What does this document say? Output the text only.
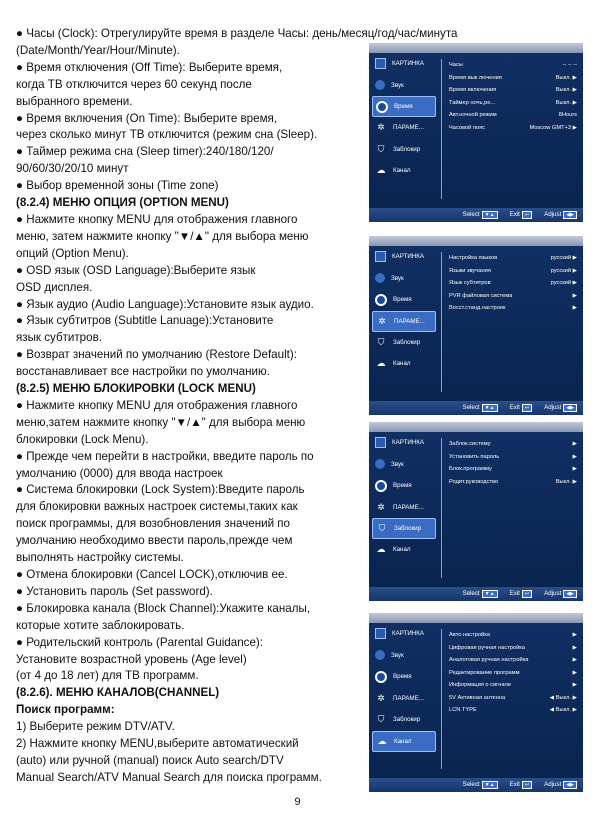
● Часы (Clock): Отрегулируйте время в разделе Часы: день/месяц/год/час/минута
(Date/Month/Year/Hour/Minute).
● Время отключения (Off Time): Выберите время,
когда ТВ отключится через 60 секунд после
выбранного времени.
● Время включения (On Time): Выберите время,
через сколько минут ТВ отключится (режим сна (Sleep).
● Таймер режима сна (Sleep timer):240/180/120/
90/60/30/20/10 минут
● Выбор временной зоны (Time zone)
(8.2.4) МЕНЮ ОПЦИЯ (OPTION MENU)
● Нажмите кнопку MENU для отображения главного
меню, затем нажмите кнопку "▼/▲" для выбора меню
опций (Option Menu).
● OSD язык (OSD Language):Выберите язык
OSD дисплея.
● Язык аудио (Audio Language):Установите язык аудио.
● Язык субтитров (Subtitle Lanuage):Установите
язык субтитров.
● Возврат значений по умолчанию (Restore Default):
восстанавливает все настройки по умолчанию.
(8.2.5) МЕНЮ БЛОКИРОВКИ (LOCK MENU)
● Нажмите кнопку MENU для отображения главного
меню,затем нажмите кнопку "▼/▲" для выбора меню
блокировки (Lock Menu).
● Прежде чем перейти в настройки, введите пароль по
умолчанию (0000) для ввода настроек
● Система блокировки (Lock System):Введите пароль
для блокировки важных настроек системы,таких как
поиск программы, для возобновления значений по
умолчанию необходимо ввести пароль,прежде чем
выполнять настройку системы.
● Отмена блокировки (Cancel LOCK),отключив ее.
● Установить пароль (Set password).
● Блокировка канала (Block Channel):Укажите каналы,
которые хотите заблокировать.
● Родительский контроль (Parental Guidance):
Установите возрастной уровень (Age level)
(от 4 до 18 лет) для ТВ программ.
(8.2.6). МЕНЮ КАНАЛОВ(CHANNEL)
Поиск программ:
1) Выберите режим DTV/ATV.
2) Нажмите кнопку MENU,выберите автоматический
(auto) или ручной (manual) поиск Auto search/DTV
Manual Search/ATV Manual Search для поиска программ.
9
КАРТИНКА
Звук
Время
✲	ПАРАМЕ...
⛉	Заблокир
☁ Канал
Часы	-- -- --
Время вык лючения	Выкл. ▶
Время включения	Выкл. ▶
Таймер ночь,ре...	Выкл. ▶
Авт.ночной режим	8Hours
Часовой пояс	Moscow GMT+3 ▶
Select ▼▲	Exit ↩	Adjust ◀▶
КАРТИНКА
Звук
Время
✲	ПАРАМЕ...
⛉	Заблокир
☁ Канал
Настройка языков	русский ▶
Языки звучания	русский ▶
Язык субтитров	русский ▶
PVR файловая система	▶
Восст.станд.настроек	▶
Select ▼▲	Exit ↩	Adjust ◀▶
КАРТИНКА
Звук
Время
✲	ПАРАМЕ...
⛉	Заблокир
☁ Канал
Заблок.систему	▶
Установить пароль	▶
Блок.программу	▶
Родит.руководство	Выкл. ▶
Select ▼▲	Exit ↩	Adjust ◀▶
КАРТИНКА
Звук
Время
✲	ПАРАМЕ...
⛉	Заблокир
☁ Канал
Авто настройка	▶
Цифровая ручная настройка	▶
Аналоговая ручная настройка	▶
Редактирование программ	▶
Информация о сигнале	▶
5V Активная антенна	◀ Выкл. ▶
LCN TYPE	◀ Выкл. ▶
Select ▼▲	Exit ↩	Adjust ◀▶
